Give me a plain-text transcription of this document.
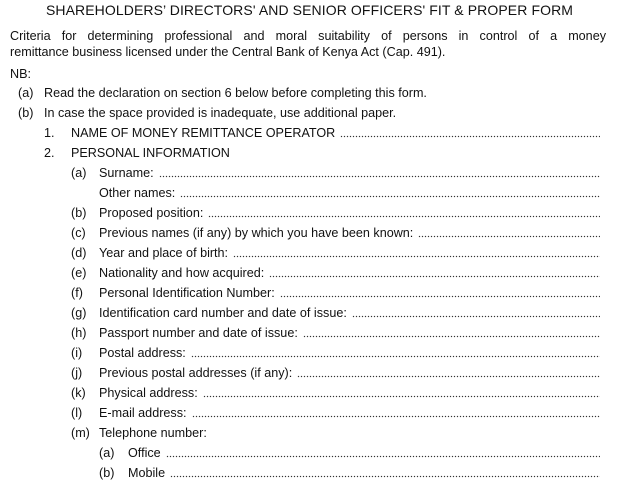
SHAREHOLDERS’ DIRECTORS' AND SENIOR OFFICERS' FIT & PROPER FORM
Criteria for determining professional and moral suitability of persons in control of a money
remittance business licensed under the Central Bank of Kenya Act (Cap. 491).
NB:
(a) Read the declaration on section 6 below before completing this form.
(b) In case the space provided is inadequate, use additional paper.
1. NAME OF MONEY REMITTANCE OPERATOR
2. PERSONAL INFORMATION
(a) Surname:
Other names:
(b) Proposed position:
(c) Previous names (if any) by which you have been known:
(d) Year and place of birth:
(e) Nationality and how acquired:
(f) Personal Identification Number:
(g) Identification card number and date of issue:
(h) Passport number and date of issue:
(i) Postal address:
(j) Previous postal addresses (if any):
(k) Physical address:
(l) E-mail address:
(m) Telephone number:
(a) Office
(b) Mobile
